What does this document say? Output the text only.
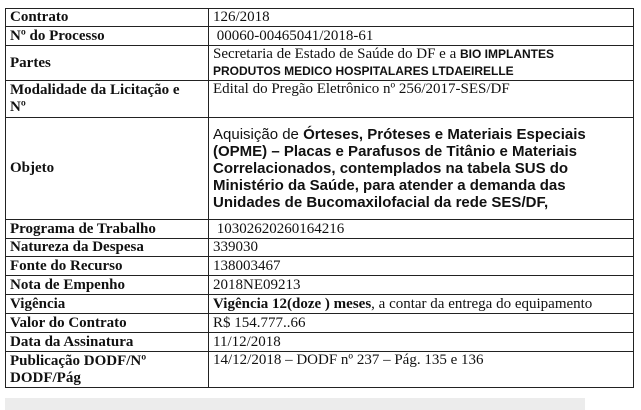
Contrato	126/2018
Nº do Processo	00060-00465041/2018-61
Partes	Secretaria de Estado de Saúde do DF e a BIO IMPLANTES
PRODUTOS MEDICO HOSPITALARES LTDAEIRELLE
Modalidade da Licitação e
Nº	Edital do Pregão Eletrônico nº 256/2017-SES/DF
Objeto	Aquisição de Órteses, Próteses e Materiais Especiais (OPME) – Placas e Parafusos de Titânio e Materiais Correlacionados, contemplados na tabela SUS do Ministério da Saúde, para atender a demanda das Unidades de Bucomaxilofacial da rede SES/DF,
Programa de Trabalho	10302620260164216
Natureza da Despesa	339030
Fonte do Recurso	138003467
Nota de Empenho	2018NE09213
Vigência	Vigência 12(doze ) meses, a contar da entrega do equipamento
Valor do Contrato	R$ 154.777..66
Data da Assinatura	11/12/2018
Publicação DODF/Nº
DODF/Pág	14/12/2018 – DODF nº 237 – Pág. 135 e 136
